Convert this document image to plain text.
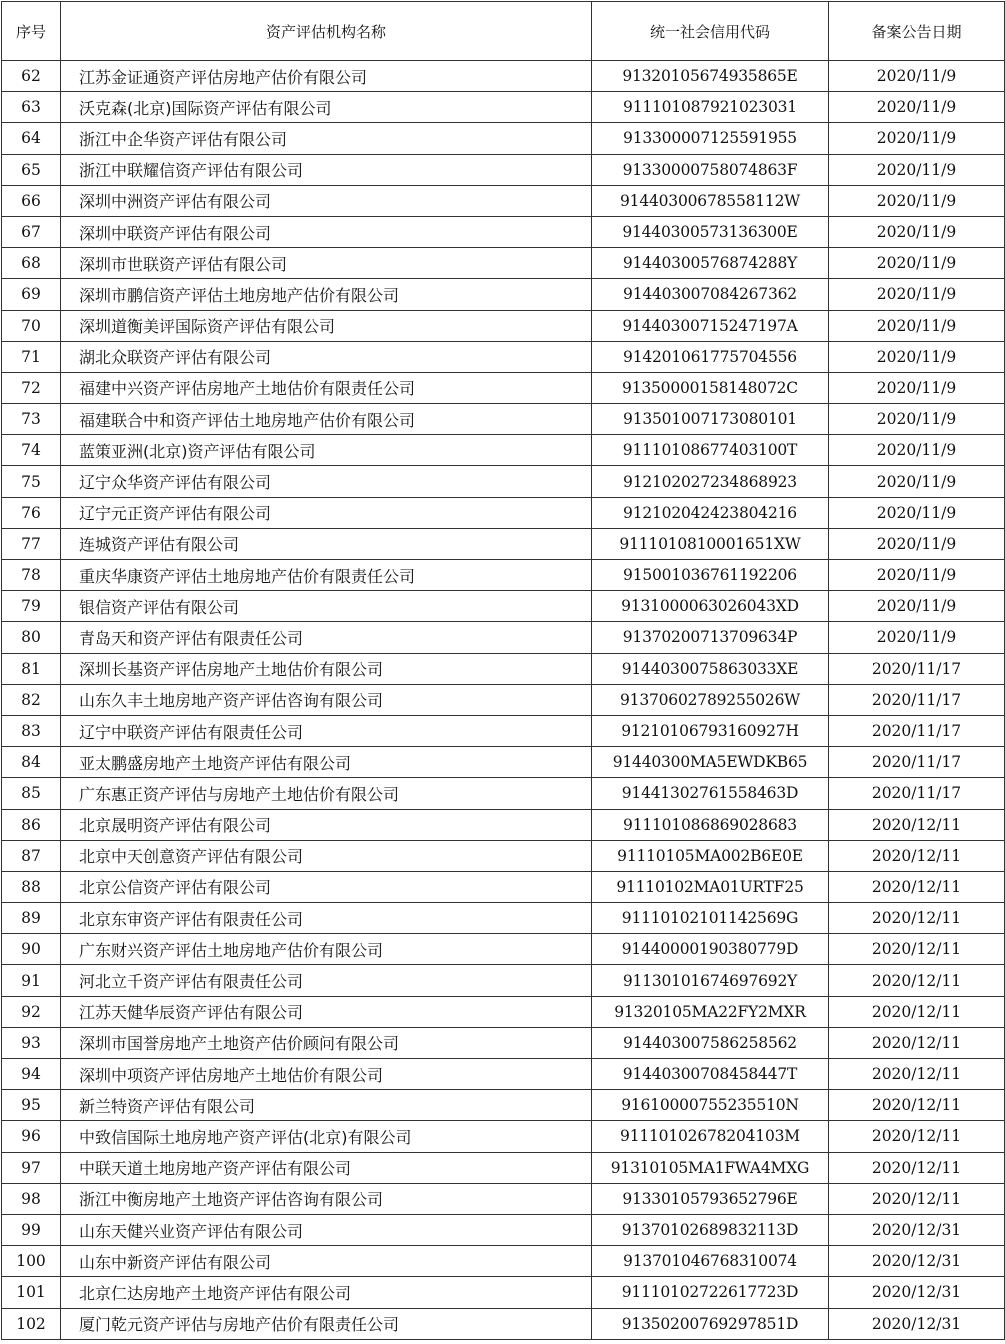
序号	资产评估机构名称	统一社会信用代码	备案公告日期
62	江苏金证通资产评估房地产估价有限公司	91320105674935865E	2020/11/9
63	沃克森(北京)国际资产评估有限公司	911101087921023031	2020/11/9
64	浙江中企华资产评估有限公司	913300007125591955	2020/11/9
65	浙江中联耀信资产评估有限公司	91330000758074863F	2020/11/9
66	深圳中洲资产评估有限公司	91440300678558112W	2020/11/9
67	深圳中联资产评估有限公司	91440300573136300E	2020/11/9
68	深圳市世联资产评估有限公司	91440300576874288Y	2020/11/9
69	深圳市鹏信资产评估土地房地产估价有限公司	914403007084267362	2020/11/9
70	深圳道衡美评国际资产评估有限公司	91440300715247197A	2020/11/9
71	湖北众联资产评估有限公司	914201061775704556	2020/11/9
72	福建中兴资产评估房地产土地估价有限责任公司	91350000158148072C	2020/11/9
73	福建联合中和资产评估土地房地产估价有限公司	913501007173080101	2020/11/9
74	蓝策亚洲(北京)资产评估有限公司	91110108677403100T	2020/11/9
75	辽宁众华资产评估有限公司	912102027234868923	2020/11/9
76	辽宁元正资产评估有限公司	912102042423804216	2020/11/9
77	连城资产评估有限公司	9111010810001651XW	2020/11/9
78	重庆华康资产评估土地房地产估价有限责任公司	915001036761192206	2020/11/9
79	银信资产评估有限公司	9131000063026043XD	2020/11/9
80	青岛天和资产评估有限责任公司	91370200713709634P	2020/11/9
81	深圳长基资产评估房地产土地估价有限公司	9144030075863033XE	2020/11/17
82	山东久丰土地房地产资产评估咨询有限公司	91370602789255026W	2020/11/17
83	辽宁中联资产评估有限责任公司	91210106793160927H	2020/11/17
84	亚太鹏盛房地产土地资产评估有限公司	91440300MA5EWDKB65	2020/11/17
85	广东惠正资产评估与房地产土地估价有限公司	91441302761558463D	2020/11/17
86	北京晟明资产评估有限公司	911101086869028683	2020/12/11
87	北京中天创意资产评估有限公司	91110105MA002B6E0E	2020/12/11
88	北京公信资产评估有限公司	91110102MA01URTF25	2020/12/11
89	北京东审资产评估有限责任公司	91110102101142569G	2020/12/11
90	广东财兴资产评估土地房地产估价有限公司	91440000190380779D	2020/12/11
91	河北立千资产评估有限责任公司	91130101674697692Y	2020/12/11
92	江苏天健华辰资产评估有限公司	91320105MA22FY2MXR	2020/12/11
93	深圳市国誉房地产土地资产估价顾问有限公司	914403007586258562	2020/12/11
94	深圳中项资产评估房地产土地估价有限公司	91440300708458447T	2020/12/11
95	新兰特资产评估有限公司	91610000755235510N	2020/12/11
96	中致信国际土地房地产资产评估(北京)有限公司	91110102678204103M	2020/12/11
97	中联天道土地房地产资产评估有限公司	91310105MA1FWA4MXG	2020/12/11
98	浙江中衡房地产土地资产评估咨询有限公司	91330105793652796E	2020/12/11
99	山东天健兴业资产评估有限公司	91370102689832113D	2020/12/31
100	山东中新资产评估有限公司	913701046768310074	2020/12/31
101	北京仁达房地产土地资产评估有限公司	91110102722617723D	2020/12/31
102	厦门乾元资产评估与房地产估价有限责任公司	91350200769297851D	2020/12/31
